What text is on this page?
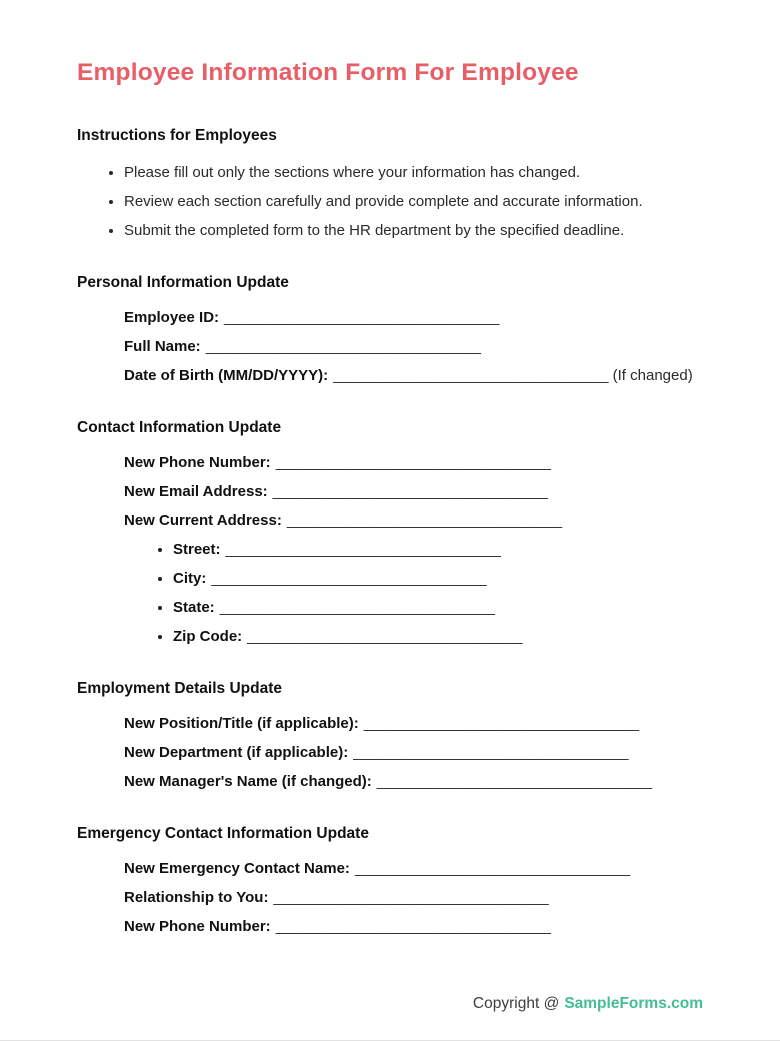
Employee Information Form For Employee
Instructions for Employees
• Please fill out only the sections where your information has changed.
• Review each section carefully and provide complete and accurate information.
• Submit the completed form to the HR department by the specified deadline.
Personal Information Update
Employee ID: _________________________________
Full Name: _________________________________
Date of Birth (MM/DD/YYYY): _________________________________ (If changed)
Contact Information Update
New Phone Number: _________________________________
New Email Address: _________________________________
New Current Address: _________________________________
• Street: _________________________________
• City: _________________________________
• State: _________________________________
• Zip Code: _________________________________
Employment Details Update
New Position/Title (if applicable): _________________________________
New Department (if applicable): _________________________________
New Manager's Name (if changed): _________________________________
Emergency Contact Information Update
New Emergency Contact Name: _________________________________
Relationship to You: _________________________________
New Phone Number: _________________________________
Copyright @ SampleForms.com
